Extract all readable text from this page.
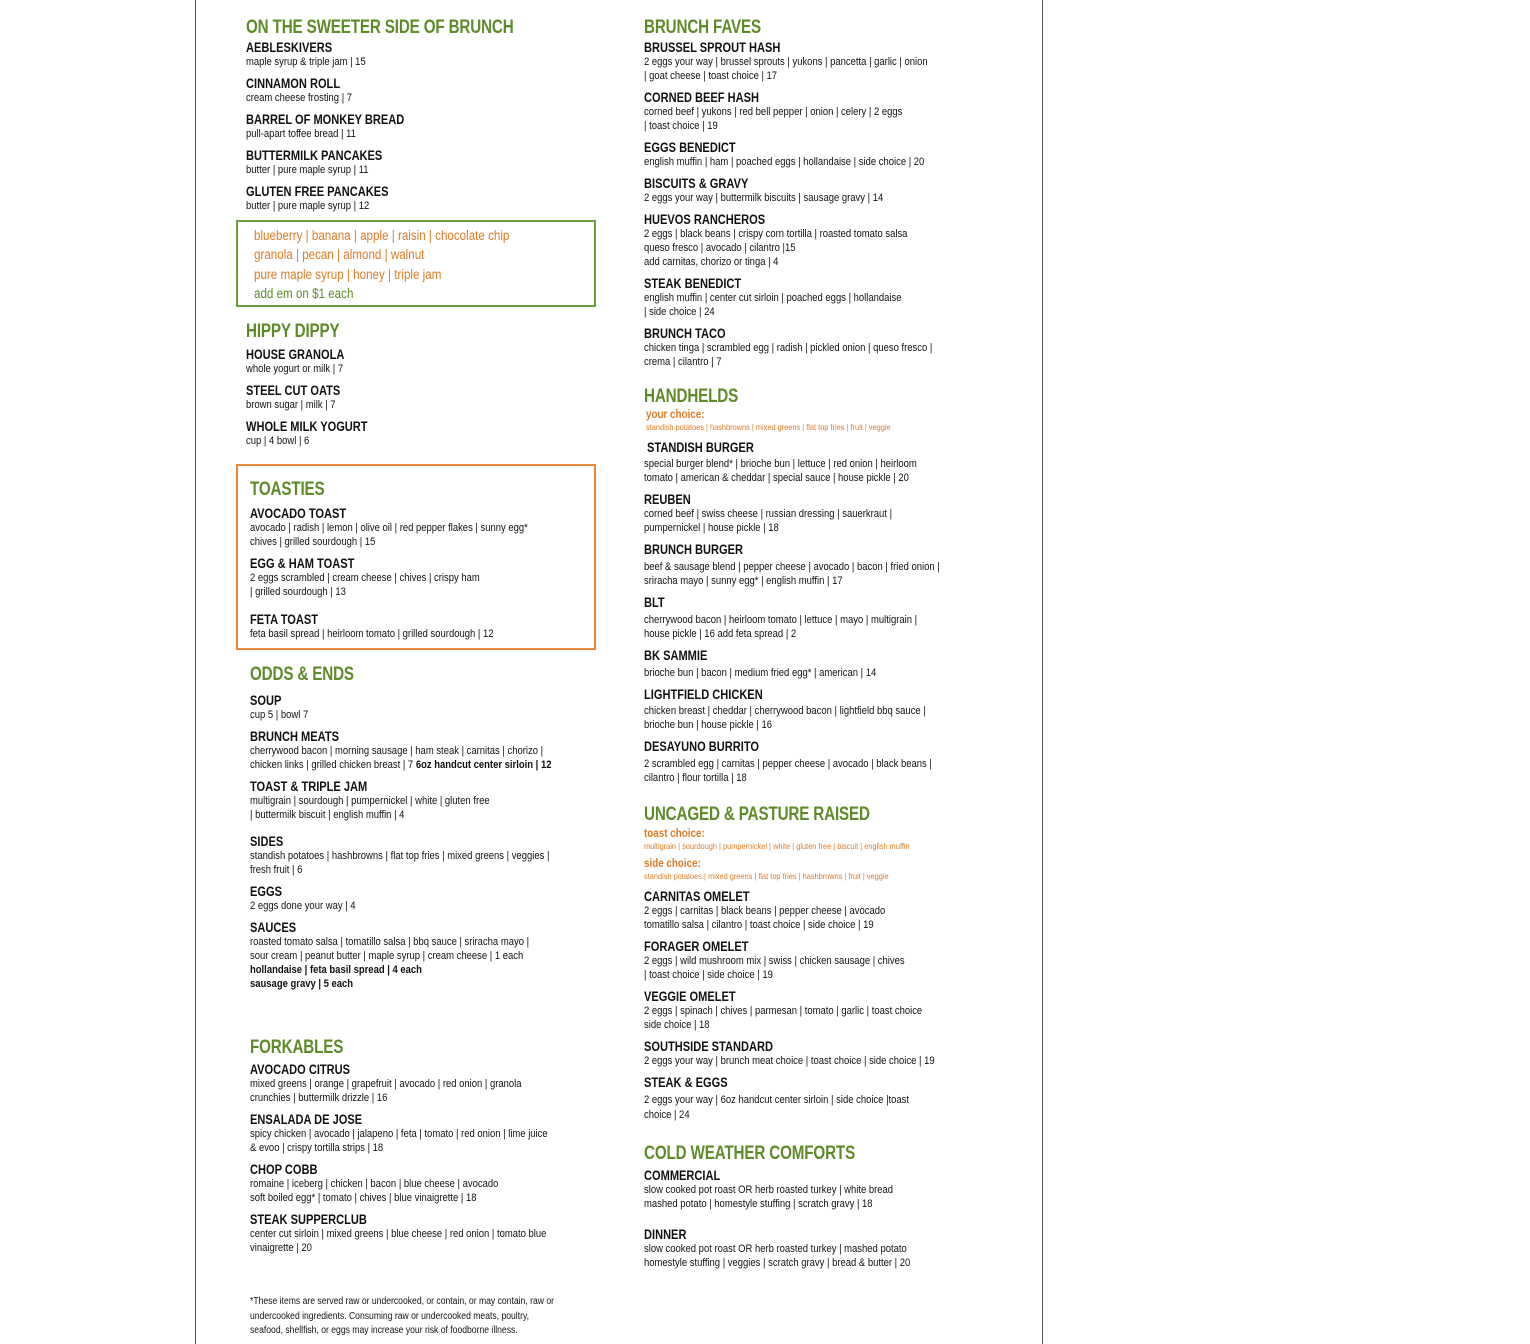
blueberry | banana | apple | raisin | chocolate chip
granola | pecan | almond | walnut
pure maple syrup | honey | triple jam
add em on $1 each
ON THE SWEETER SIDE OF BRUNCH
AEBLESKIVERS
maple syrup & triple jam | 15
CINNAMON ROLL
cream cheese frosting | 7
BARREL OF MONKEY BREAD
pull-apart toffee bread | 11
BUTTERMILK PANCAKES
butter | pure maple syrup | 11
GLUTEN FREE PANCAKES
butter | pure maple syrup | 12
HIPPY DIPPY
HOUSE GRANOLA
whole yogurt or milk | 7
STEEL CUT OATS
brown sugar | milk | 7
WHOLE MILK YOGURT
cup | 4 bowl | 6
TOASTIES
AVOCADO TOAST
avocado | radish | lemon | olive oil | red pepper flakes | sunny egg*
chives | grilled sourdough | 15
EGG & HAM TOAST
2 eggs scrambled | cream cheese | chives | crispy ham
| grilled sourdough | 13
FETA TOAST
feta basil spread | heirloom tomato | grilled sourdough | 12
ODDS & ENDS
SOUP
cup 5 | bowl 7
BRUNCH MEATS
cherrywood bacon | morning sausage | ham steak | carnitas | chorizo |
chicken links | grilled chicken breast | 7 6oz handcut center sirloin | 12
TOAST & TRIPLE JAM
multigrain | sourdough | pumpernickel | white | gluten free
| buttermilk biscuit | english muffin | 4
SIDES
standish potatoes | hashbrowns | flat top fries | mixed greens | veggies |
fresh fruit | 6
EGGS
2 eggs done your way | 4
SAUCES
roasted tomato salsa | tomatillo salsa | bbq sauce | sriracha mayo |
sour cream | peanut butter | maple syrup | cream cheese | 1 each
hollandaise | feta basil spread | 4 each
sausage gravy | 5 each
FORKABLES
AVOCADO CITRUS
mixed greens | orange | grapefruit | avocado | red onion | granola
crunchies | buttermilk drizzle | 16
ENSALADA DE JOSE
spicy chicken | avocado | jalapeno | feta | tomato | red onion | lime juice
& evoo | crispy tortilla strips | 18
CHOP COBB
romaine | iceberg | chicken | bacon | blue cheese | avocado
soft boiled egg* | tomato | chives | blue vinaigrette | 18
STEAK SUPPERCLUB
center cut sirloin | mixed greens | blue cheese | red onion | tomato blue
vinaigrette | 20
*These items are served raw or undercooked, or contain, or may contain, raw or
undercooked ingredients. Consuming raw or undercooked meats, poultry,
seafood, shellfish, or eggs may increase your risk of foodborne illness.
BRUNCH FAVES
BRUSSEL SPROUT HASH
2 eggs your way | brussel sprouts | yukons | pancetta | garlic | onion
| goat cheese | toast choice | 17
CORNED BEEF HASH
corned beef | yukons | red bell pepper | onion | celery | 2 eggs
| toast choice | 19
EGGS BENEDICT
english muffin | ham | poached eggs | hollandaise | side choice | 20
BISCUITS & GRAVY
2 eggs your way | buttermilk biscuits | sausage gravy | 14
HUEVOS RANCHEROS
2 eggs | black beans | crispy corn tortilla | roasted tomato salsa
queso fresco | avocado | cilantro |15
add carnitas, chorizo or tinga | 4
STEAK BENEDICT
english muffin | center cut sirloin | poached eggs | hollandaise
| side choice | 24
BRUNCH TACO
chicken tinga | scrambled egg | radish | pickled onion | queso fresco |
crema | cilantro | 7
HANDHELDS
your choice:
standish potatoes | hashbrowns | mixed greens | flat top fries | fruit | veggie
STANDISH BURGER
special burger blend* | brioche bun | lettuce | red onion | heirloom
tomato | american & cheddar | special sauce | house pickle | 20
REUBEN
corned beef | swiss cheese | russian dressing | sauerkraut |
pumpernickel | house pickle | 18
BRUNCH BURGER
beef & sausage blend | pepper cheese | avocado | bacon | fried onion |
sriracha mayo | sunny egg* | english muffin | 17
BLT
cherrywood bacon | heirloom tomato | lettuce | mayo | multigrain |
house pickle | 16 add feta spread | 2
BK SAMMIE
brioche bun | bacon | medium fried egg* | american | 14
LIGHTFIELD CHICKEN
chicken breast | cheddar | cherrywood bacon | lightfield bbq sauce |
brioche bun | house pickle | 16
DESAYUNO BURRITO
2 scrambled egg | carnitas | pepper cheese | avocado | black beans |
cilantro | flour tortilla | 18
UNCAGED & PASTURE RAISED
toast choice:
multigrain | sourdough | pumpernickel | white | gluten free | biscuit | english muffin
side choice:
standish potatoes | mixed greens | flat top fries | hashbrowns | fruit | veggie
CARNITAS OMELET
2 eggs | carnitas | black beans | pepper cheese | avocado
tomatillo salsa | cilantro | toast choice | side choice | 19
FORAGER OMELET
2 eggs | wild mushroom mix | swiss | chicken sausage | chives
| toast choice | side choice | 19
VEGGIE OMELET
2 eggs | spinach | chives | parmesan | tomato | garlic | toast choice
side choice | 18
SOUTHSIDE STANDARD
2 eggs your way | brunch meat choice | toast choice | side choice | 19
STEAK & EGGS
2 eggs your way | 6oz handcut center sirloin | side choice |toast
choice | 24
COLD WEATHER COMFORTS
COMMERCIAL
slow cooked pot roast OR herb roasted turkey | white bread
mashed potato | homestyle stuffing | scratch gravy | 18
DINNER
slow cooked pot roast OR herb roasted turkey | mashed potato
homestyle stuffing | veggies | scratch gravy | bread & butter | 20
